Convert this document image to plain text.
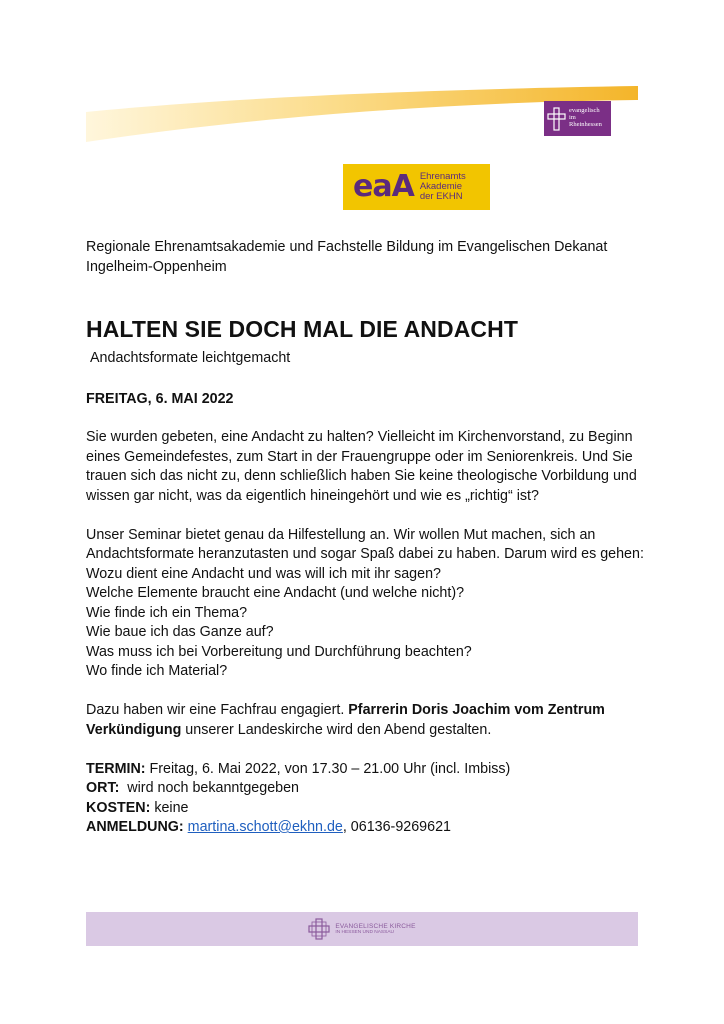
evangelisch
im
Rheinhessen
eaA Ehrenamts
Akademie
der EKHN
Regionale Ehrenamtsakademie und Fachstelle Bildung im Evangelischen Dekanat Ingelheim-Oppenheim
HALTEN SIE DOCH MAL DIE ANDACHT
Andachtsformate leichtgemacht
FREITAG, 6. MAI 2022

Sie wurden gebeten, eine Andacht zu halten? Vielleicht im Kirchenvorstand, zu Beginn eines Gemeindefestes, zum Start in der Frauengruppe oder im Seniorenkreis. Und Sie trauen sich das nicht zu, denn schließlich haben Sie keine theologische Vorbildung und wissen gar nicht, was da eigentlich hineingehört und wie es „richtig“ ist?

Unser Seminar bietet genau da Hilfestellung an. Wir wollen Mut machen, sich an Andachtsformate heranzutasten und sogar Spaß dabei zu haben. Darum wird es gehen:

Wozu dient eine Andacht und was will ich mit ihr sagen?
Welche Elemente braucht eine Andacht (und welche nicht)?
Wie finde ich ein Thema?
Wie baue ich das Ganze auf?
Was muss ich bei Vorbereitung und Durchführung beachten?
Wo finde ich Material?

Dazu haben wir eine Fachfrau engagiert. Pfarrerin Doris Joachim vom Zentrum Verkündigung unserer Landeskirche wird den Abend gestalten.

TERMIN: Freitag, 6. Mai 2022, von 17.30 – 21.00 Uhr (incl. Imbiss)

ORT:  wird noch bekanntgegeben

KOSTEN: keine

ANMELDUNG: martina.schott@ekhn.de, 06136-9269621

EVANGELISCHE KIRCHE
IN HESSEN UND NASSAU
